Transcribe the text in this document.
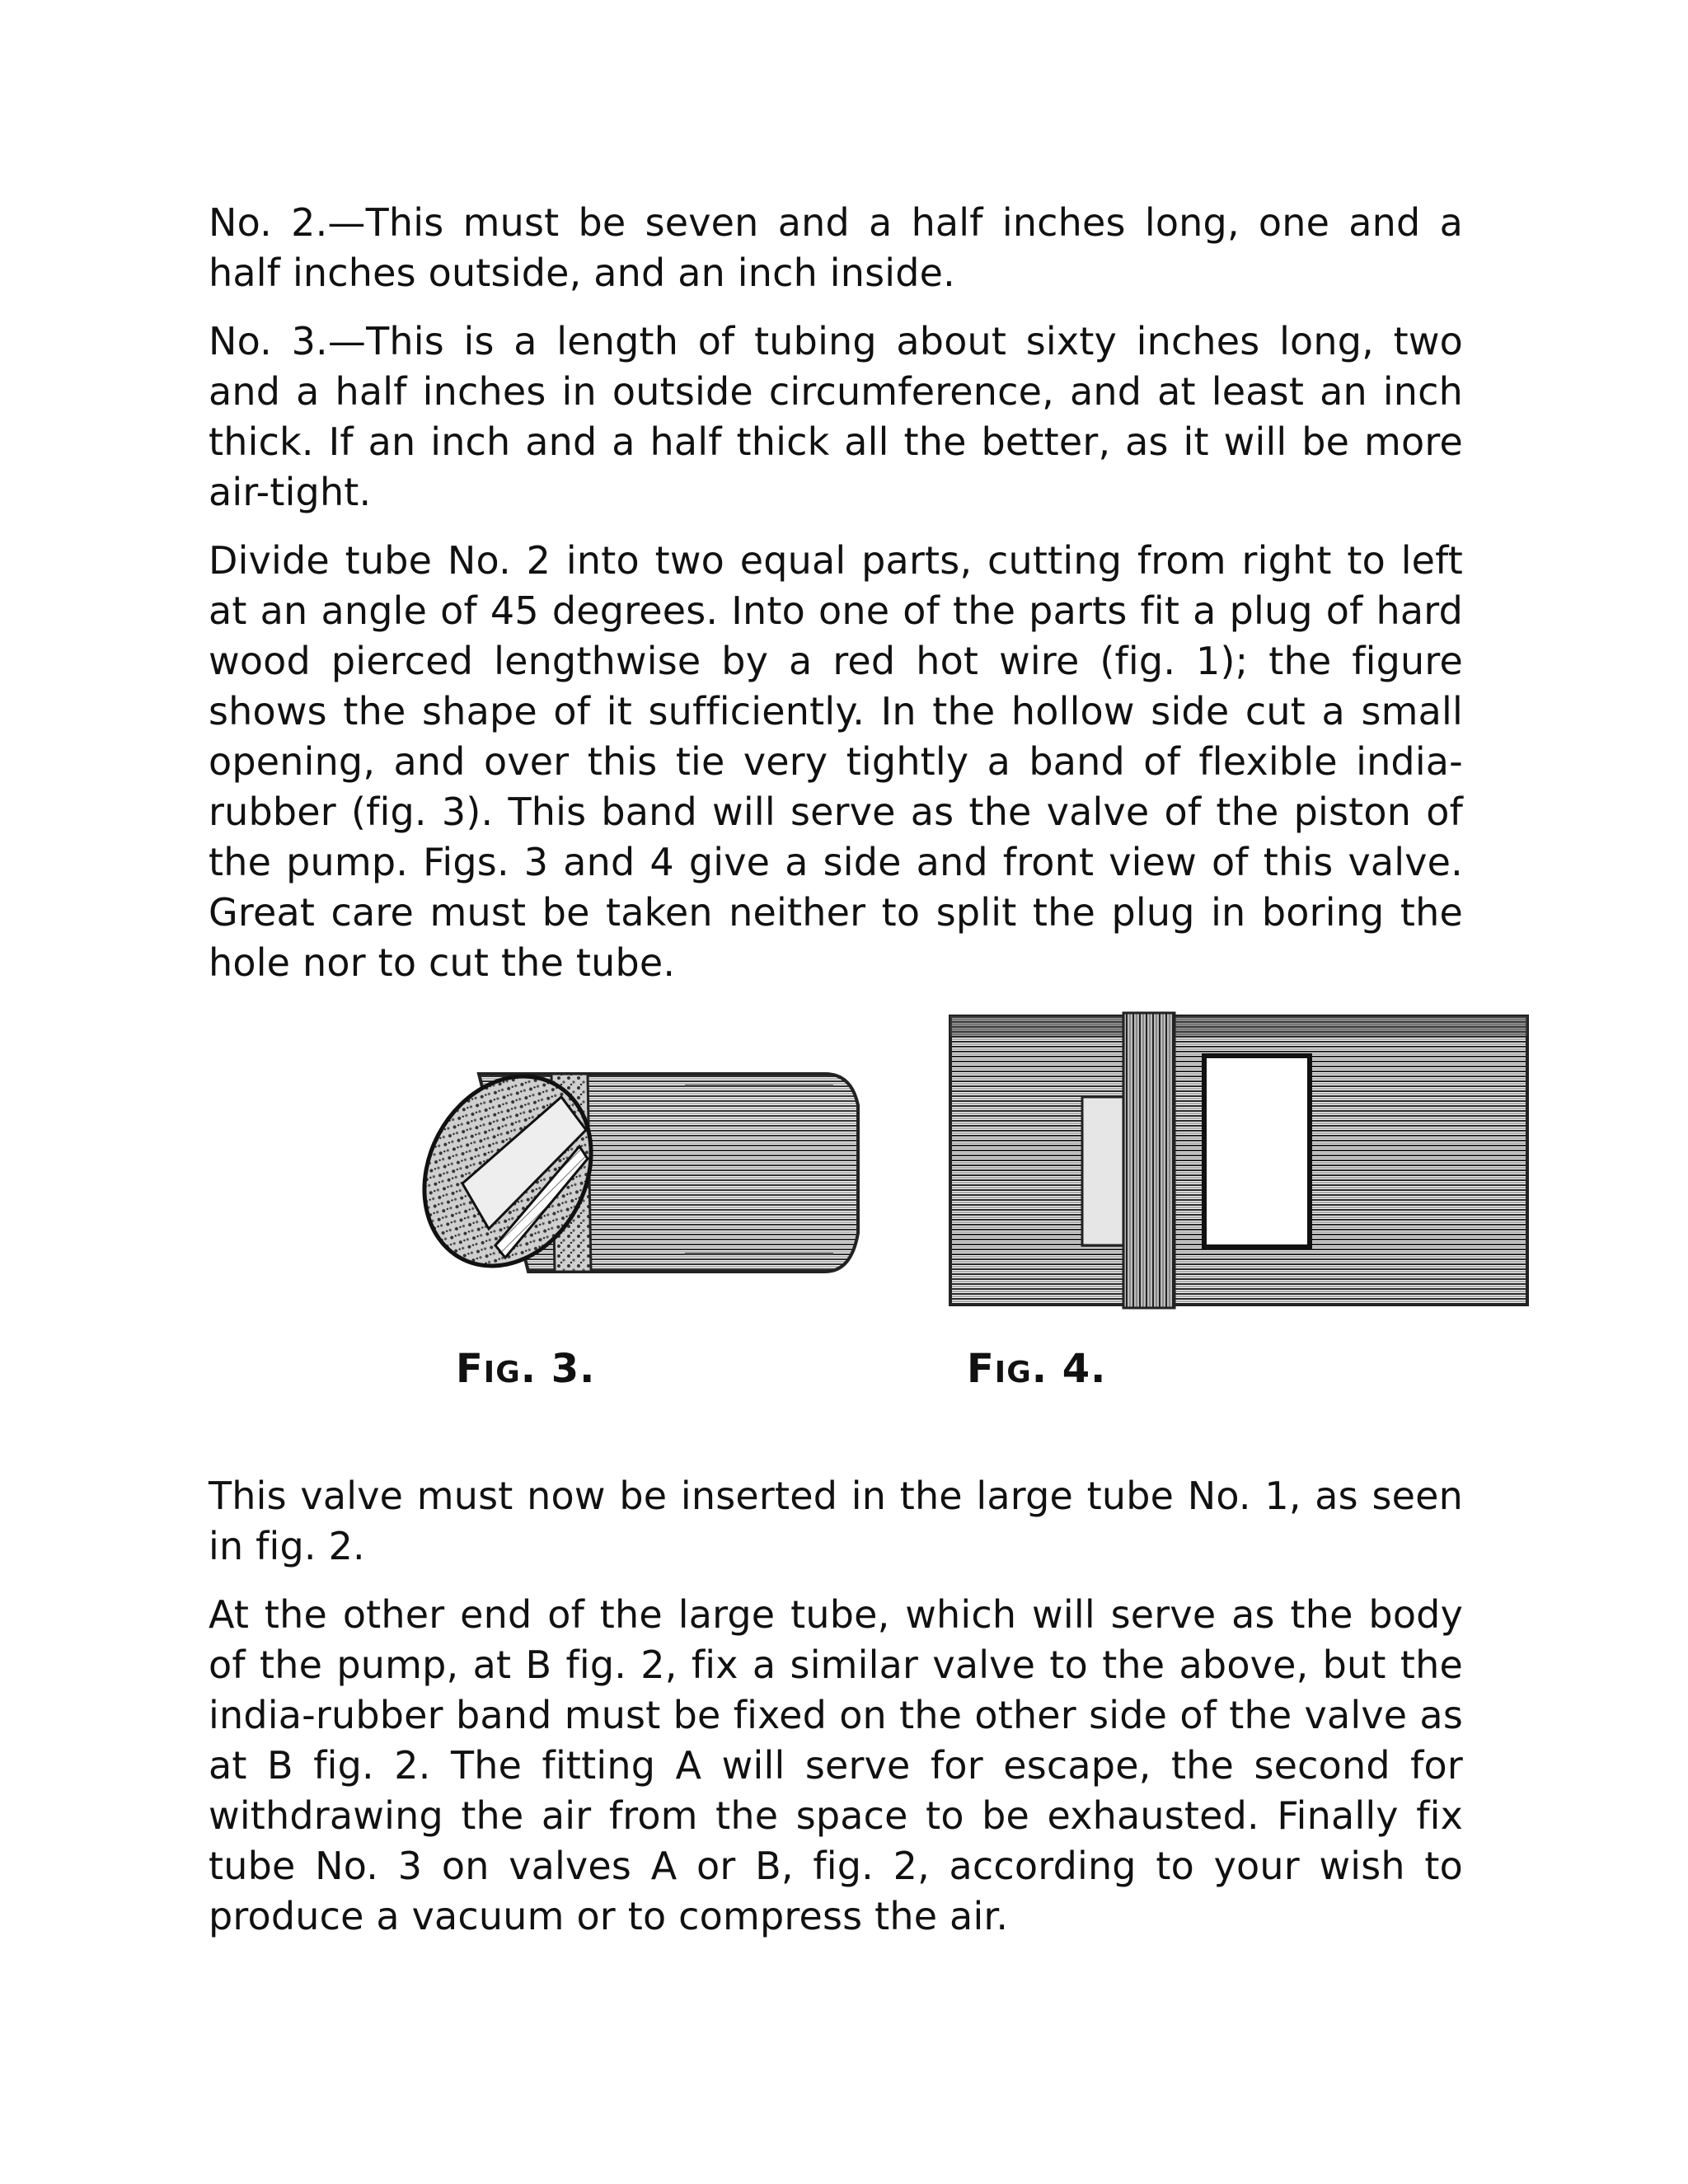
No. 2.—This must be seven and a half inches long, one and a half inches outside, and an inch inside.

No. 3.—This is a length of tubing about sixty inches long, two and a half inches in outside circumference, and at least an inch thick. If an inch and a half thick all the better, as it will be more air-tight.

Divide tube No. 2 into two equal parts, cutting from right to left at an angle of 45 degrees. Into one of the parts fit a plug of hard wood pierced lengthwise by a red hot wire (fig. 1); the figure shows the shape of it sufficiently. In the hollow side cut a small opening, and over this tie very tightly a band of flexible india-rubber (fig. 3). This band will serve as the valve of the piston of the pump. Figs. 3 and 4 give a side and front view of this valve. Great care must be taken neither to split the plug in boring the hole nor to cut the tube.

FIG. 3.	FIG. 4.

This valve must now be inserted in the large tube No. 1, as seen in fig. 2.

At the other end of the large tube, which will serve as the body of the pump, at B fig. 2, fix a similar valve to the above, but the india-rubber band must be fixed on the other side of the valve as at B fig. 2. The fitting A will serve for escape, the second for withdrawing the air from the space to be exhausted. Finally fix tube No. 3 on valves A or B, fig. 2, according to your wish to produce a vacuum or to compress the air.
